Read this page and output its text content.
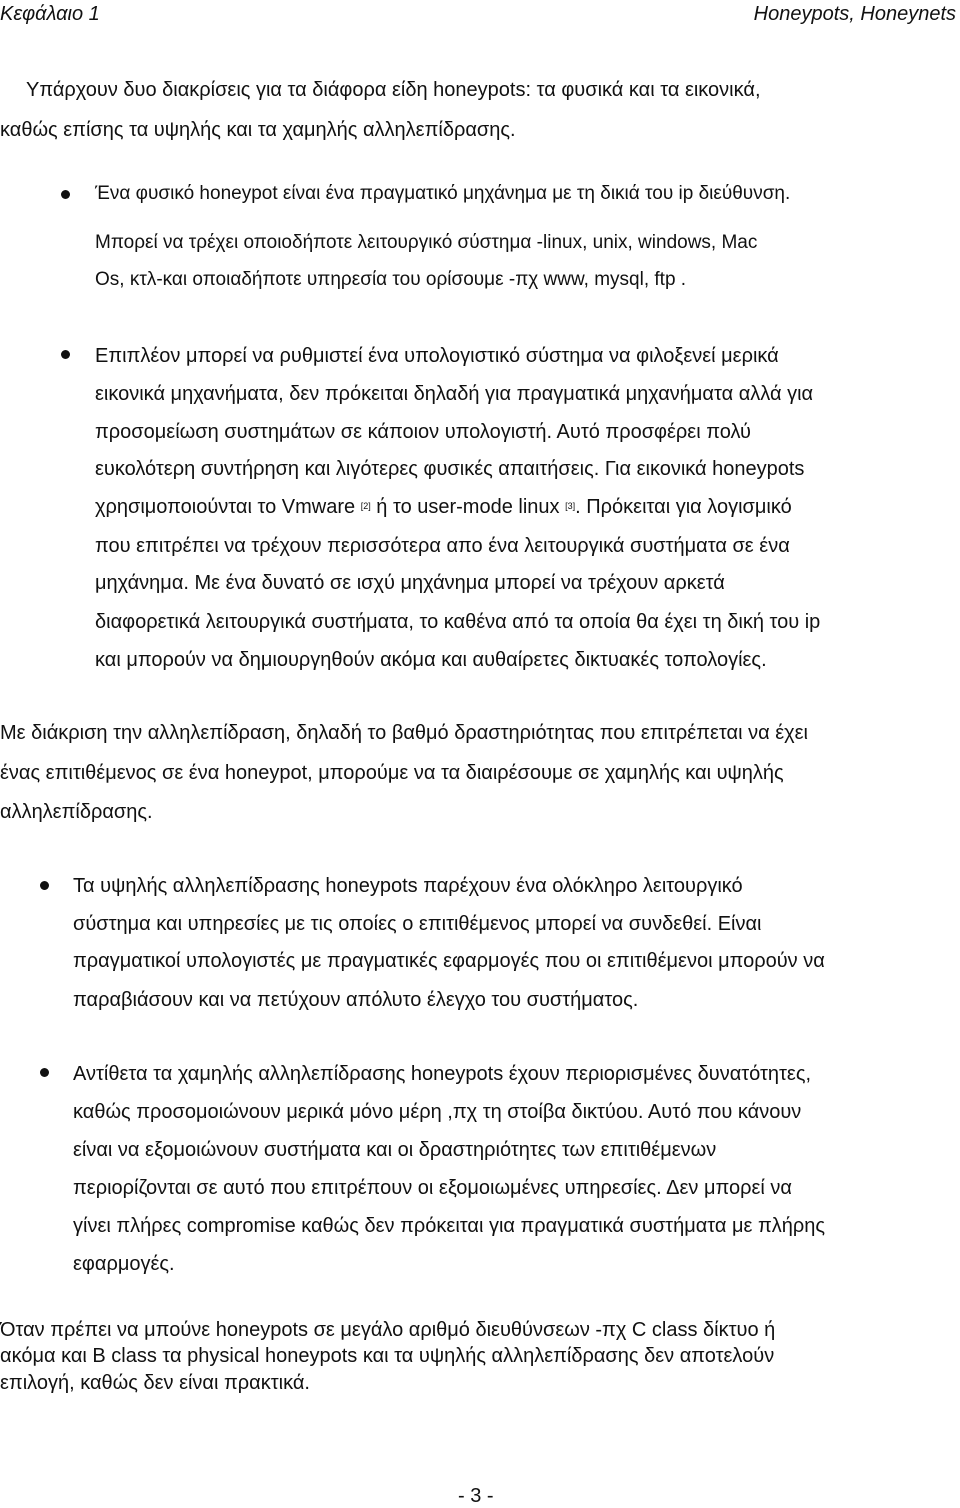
Κεφάλαιο 1	Honeypots, Honeynets
Υπάρχουν δυο διακρίσεις για τα διάφορα είδη honeypots: τα φυσικά και τα εικονικά,
καθώς επίσης τα υψηλής και τα χαμηλής αλληλεπίδρασης.
Ένα φυσικό honeypot είναι ένα πραγματικό μηχάνημα με τη δικιά του ip διεύθυνση.
Μπορεί να τρέχει οποιοδήποτε λειτουργικό σύστημα -linux, unix, windows, Mac
Os, κτλ-και οποιαδήποτε υπηρεσία του ορίσουμε -πχ www, mysql, ftp .
Επιπλέον μπορεί να ρυθμιστεί ένα υπολογιστικό σύστημα να φιλοξενεί μερικά
εικονικά μηχανήματα, δεν πρόκειται δηλαδή για πραγματικά μηχανήματα αλλά για
προσομείωση συστημάτων σε κάποιον υπολογιστή. Αυτό προσφέρει πολύ
ευκολότερη συντήρηση και λιγότερες φυσικές απαιτήσεις. Για εικονικά honeypots
χρησιμοποιούνται το Vmware [2] ή το user-mode linux [3]. Πρόκειται για λογισμικό
που επιτρέπει να τρέχουν περισσότερα απο ένα λειτουργικά συστήματα σε ένα
μηχάνημα. Με ένα δυνατό σε ισχύ μηχάνημα μπορεί να τρέχουν αρκετά
διαφορετικά λειτουργικά συστήματα, το καθένα από τα οποία θα έχει τη δική του ip
και μπορούν να δημιουργηθούν ακόμα και αυθαίρετες δικτυακές τοπολογίες.
Με διάκριση την αλληλεπίδραση, δηλαδή το βαθμό δραστηριότητας που επιτρέπεται να έχει
ένας επιτιθέμενος σε ένα honeypot, μπορούμε να τα διαιρέσουμε σε χαμηλής και υψηλής
αλληλεπίδρασης.
Τα υψηλής αλληλεπίδρασης honeypots παρέχουν ένα ολόκληρο λειτουργικό
σύστημα και υπηρεσίες με τις οποίες ο επιτιθέμενος μπορεί να συνδεθεί. Είναι
πραγματικοί υπολογιστές με πραγματικές εφαρμογές που οι επιτιθέμενοι μπορούν να
παραβιάσουν και να πετύχουν απόλυτο έλεγχο του συστήματος.
Αντίθετα τα χαμηλής αλληλεπίδρασης honeypots έχουν περιορισμένες δυνατότητες,
καθώς προσομοιώνουν μερικά μόνο μέρη ,πχ τη στοίβα δικτύου. Αυτό που κάνουν
είναι να εξομοιώνουν συστήματα και οι δραστηριότητες των επιτιθέμενων
περιορίζονται σε αυτό που επιτρέπουν οι εξομοιωμένες υπηρεσίες. Δεν μπορεί να
γίνει πλήρες compromise καθώς δεν πρόκειται για πραγματικά συστήματα με πλήρης
εφαρμογές.
Όταν πρέπει να μπούνε honeypots σε μεγάλο αριθμό διευθύνσεων -πχ C class δίκτυο ή
ακόμα και B class τα physical honeypots και τα υψηλής αλληλεπίδρασης δεν αποτελούν
επιλογή, καθώς δεν είναι πρακτικά.
- 3 -
